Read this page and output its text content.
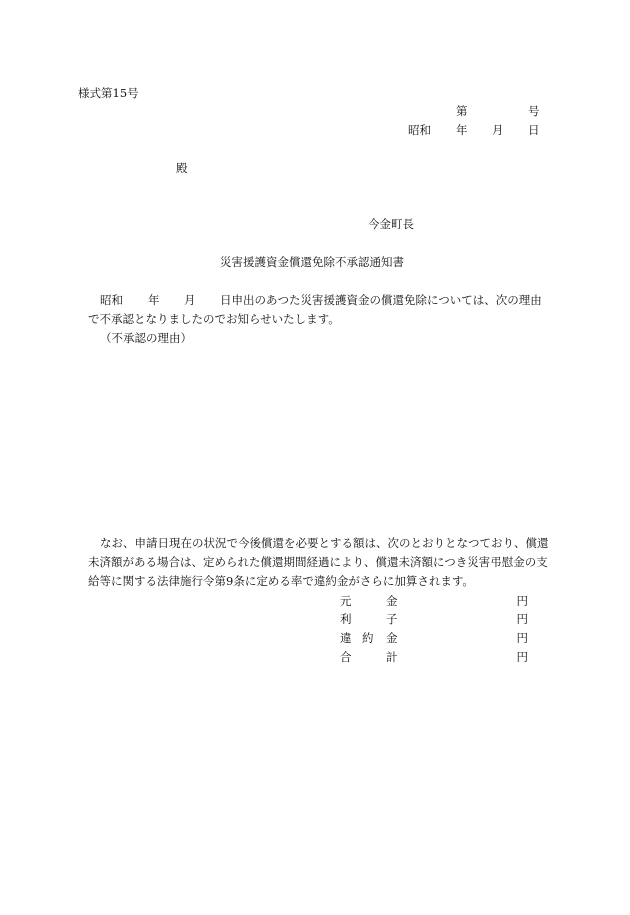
様式第15号
第	号
昭和 年 月 日
殿
今金町長
災害援護資金償還免除不承認通知書
昭和 年 月 日申出のあつた災害援護資金の償還免除については、次の理由
で不承認となりましたのでお知らせいたします。
（不承認の理由）
なお、申請日現在の状況で今後償還を必要とする額は、次のとおりとなつており、償還未済額がある場合は、定められた償還期間経過により、償還未済額につき災害弔慰金の支給等に関する法律施行令第9条に定める率で違約金がさらに加算されます。
元	金	円
利	子	円
違 約 金	円
合	計	円
